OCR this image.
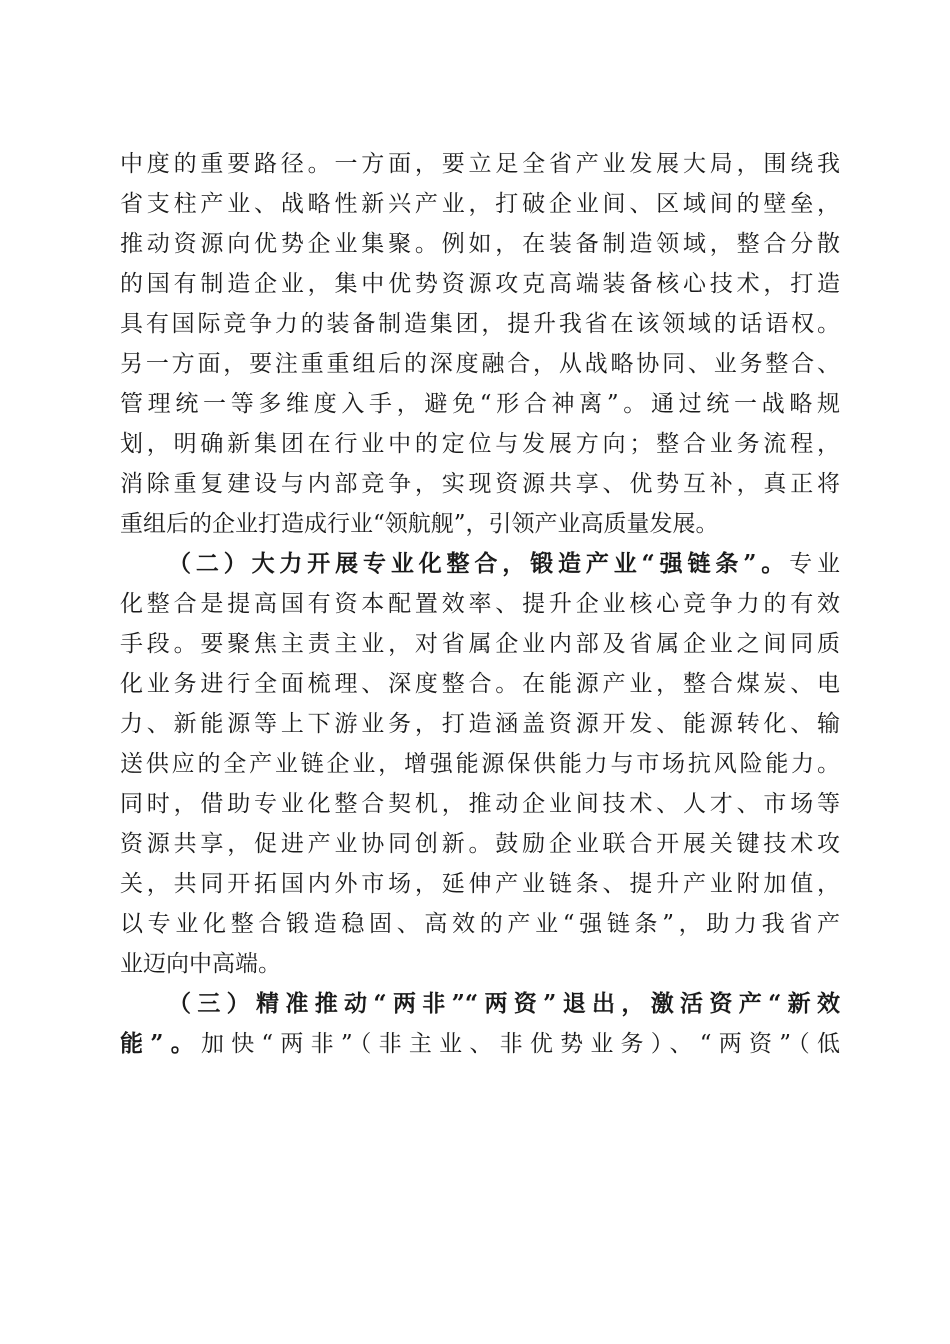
中度的重要路径。一方面，要立足全省产业发展大局，围绕我
省支柱产业、战略性新兴产业，打破企业间、区域间的壁垒，
推动资源向优势企业集聚。例如，在装备制造领域，整合分散
的国有制造企业，集中优势资源攻克高端装备核心技术，打造
具有国际竞争力的装备制造集团，提升我省在该领域的话语权。
另一方面，要注重重组后的深度融合，从战略协同、业务整合、
管理统一等多维度入手，避免“形合神离”。通过统一战略规
划，明确新集团在行业中的定位与发展方向；整合业务流程，
消除重复建设与内部竞争，实现资源共享、优势互补，真正将
重组后的企业打造成行业“领航舰”，引领产业高质量发展。
（二）大力开展专业化整合，锻造产业“强链条”。专业
化整合是提高国有资本配置效率、提升企业核心竞争力的有效
手段。要聚焦主责主业，对省属企业内部及省属企业之间同质
化业务进行全面梳理、深度整合。在能源产业，整合煤炭、电
力、新能源等上下游业务，打造涵盖资源开发、能源转化、输
送供应的全产业链企业，增强能源保供能力与市场抗风险能力。
同时，借助专业化整合契机，推动企业间技术、人才、市场等
资源共享，促进产业协同创新。鼓励企业联合开展关键技术攻
关，共同开拓国内外市场，延伸产业链条、提升产业附加值，
以专业化整合锻造稳固、高效的产业“强链条”，助力我省产
业迈向中高端。
（三）精准推动“两非”“两资”退出，激活资产“新效
能”。加快“两非”（非主业、非优势业务）、“两资”（低
